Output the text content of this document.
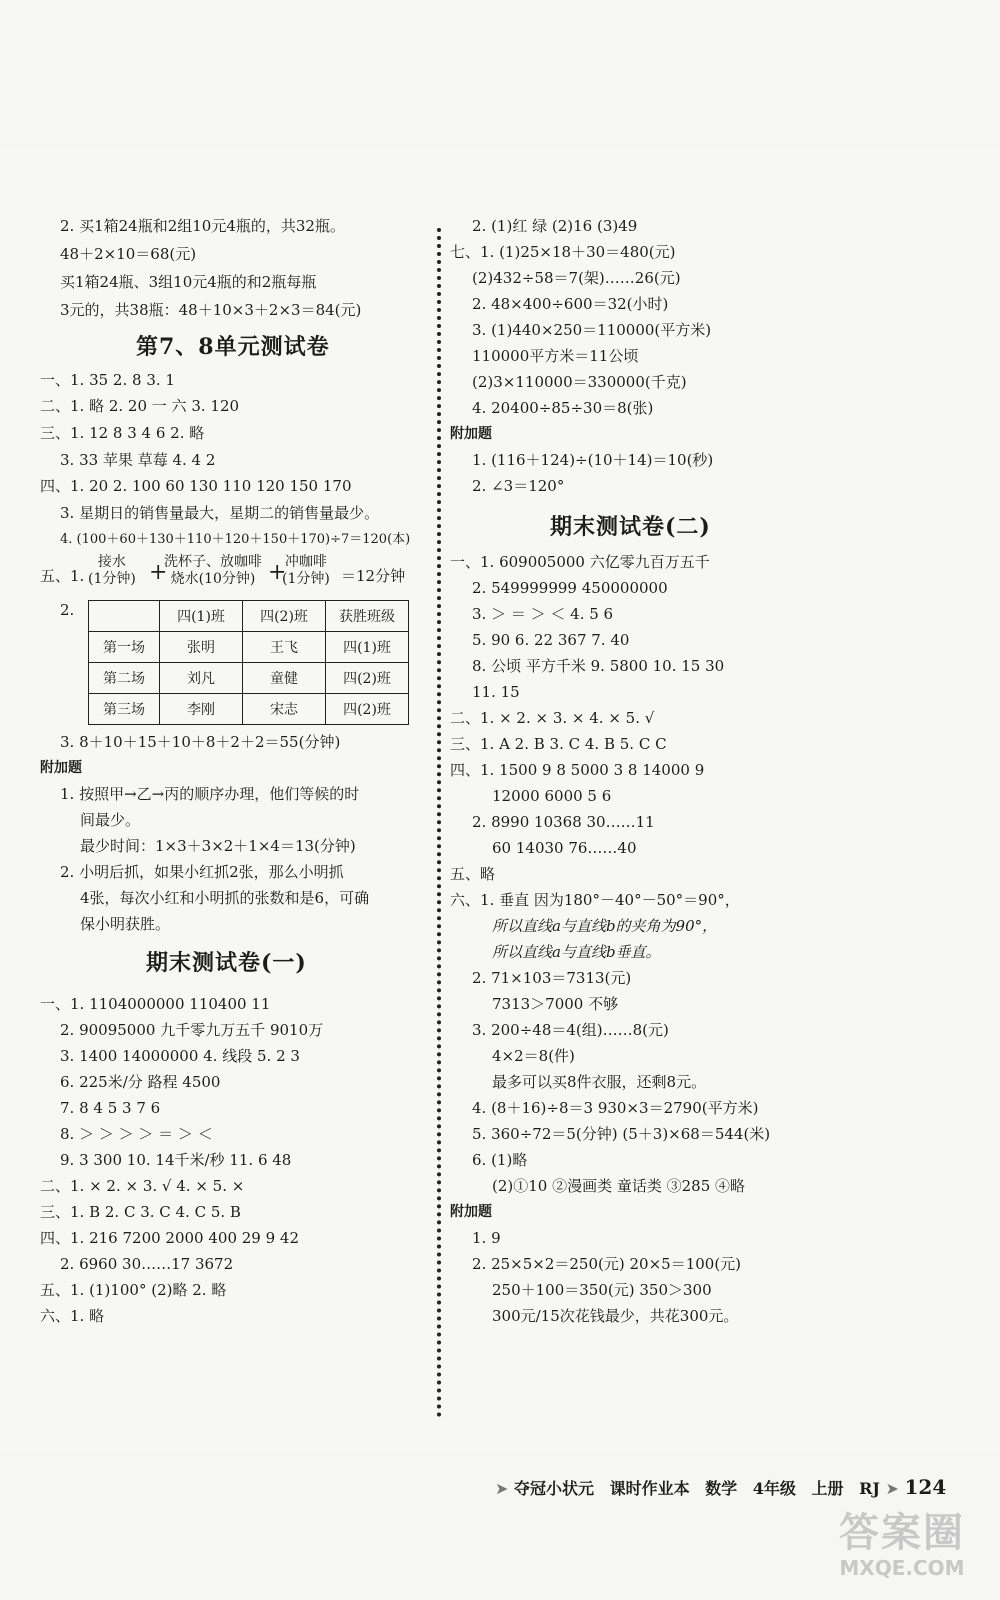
2. 买1箱24瓶和2组10元4瓶的，共32瓶。
48＋2×10＝68(元)
买1箱24瓶、3组10元4瓶的和2瓶每瓶
3元的，共38瓶：48＋10×3＋2×3＝84(元)
第7、8单元测试卷
一、1. 35 2. 8 3. 1
二、1. 略 2. 20 一 六 3. 120
三、1. 12 8 3 4 6 2. 略
3. 33 苹果 草莓 4. 4 2
四、1. 20 2. 100 60 130 110 120 150 170
3. 星期日的销售量最大，星期二的销售量最少。
4. (100＋60＋130＋110＋120＋150＋170)÷7＝120(本)
五、1.
接水
(1分钟) +
洗杯子、放咖啡
烧水(10分钟) +
冲咖啡
(1分钟) ＝12分钟
2.
		四(1)班	四(2)班	获胜班级
第一场	张明	王飞	四(1)班
第二场	刘凡	童健	四(2)班
第三场	李刚	宋志	四(2)班
3. 8＋10＋15＋10＋8＋2＋2＝55(分钟)
附加题
1. 按照甲→乙→丙的顺序办理，他们等候的时
间最少。
最少时间：1×3＋3×2＋1×4＝13(分钟)
2. 小明后抓，如果小红抓2张，那么小明抓
4张，每次小红和小明抓的张数和是6，可确
保小明获胜。
期末测试卷(一)
一、1. 1104000000 110400 11
2. 90095000 九千零九万五千 9010万
3. 1400 14000000 4. 线段 5. 2 3
6. 225米/分 路程 4500
7. 8 4 5 3 7 6
8. ＞ ＞ ＞ ＞ ＝ ＞ ＜
9. 3 300 10. 14千米/秒 11. 6 48
二、1. × 2. × 3. √ 4. × 5. ×
三、1. B 2. C 3. C 4. C 5. B
四、1. 216 7200 2000 400 29 9 42
2. 6960 30……17 3672
五、1. (1)100° (2)略 2. 略
六、1. 略
2. (1)红 绿 (2)16 (3)49
七、1. (1)25×18＋30＝480(元)
(2)432÷58＝7(架)……26(元)
2. 48×400÷600＝32(小时)
3. (1)440×250＝110000(平方米)
110000平方米＝11公顷
(2)3×110000＝330000(千克)
4. 20400÷85÷30＝8(张)
附加题
1. (116＋124)÷(10＋14)＝10(秒)
2. ∠3＝120°
期末测试卷(二)
一、1. 609005000 六亿零九百万五千
2. 549999999 450000000
3. ＞ ＝ ＞ ＜ 4. 5 6
5. 90 6. 22 367 7. 40
8. 公顷 平方千米 9. 5800 10. 15 30
11. 15
二、1. × 2. × 3. × 4. × 5. √
三、1. A 2. B 3. C 4. B 5. C C
四、1. 1500 9 8 5000 3 8 14000 9
12000 6000 5 6
2. 8990 10368 30……11
60 14030 76……40
五、略
六、1. 垂直 因为180°－40°－50°＝90°，
所以直线a与直线b的夹角为90°，
所以直线a与直线b垂直。
2. 71×103＝7313(元)
7313＞7000 不够
3. 200÷48＝4(组)……8(元)
4×2＝8(件)
最多可以买8件衣服，还剩8元。
4. (8＋16)÷8＝3 930×3＝2790(平方米)
5. 360÷72＝5(分钟) (5＋3)×68＝544(米)
6. (1)略
(2)①10 ②漫画类 童话类 ③285 ④略
附加题
1. 9
2. 25×5×2＝250(元) 20×5＝100(元)
250＋100＝350(元) 350＞300
300元/15次花钱最少，共花300元。
➤ 夺冠小状元 课时作业本 数学 4年级 上册 RJ ➤ 124
答案圈
MXQE.COM
